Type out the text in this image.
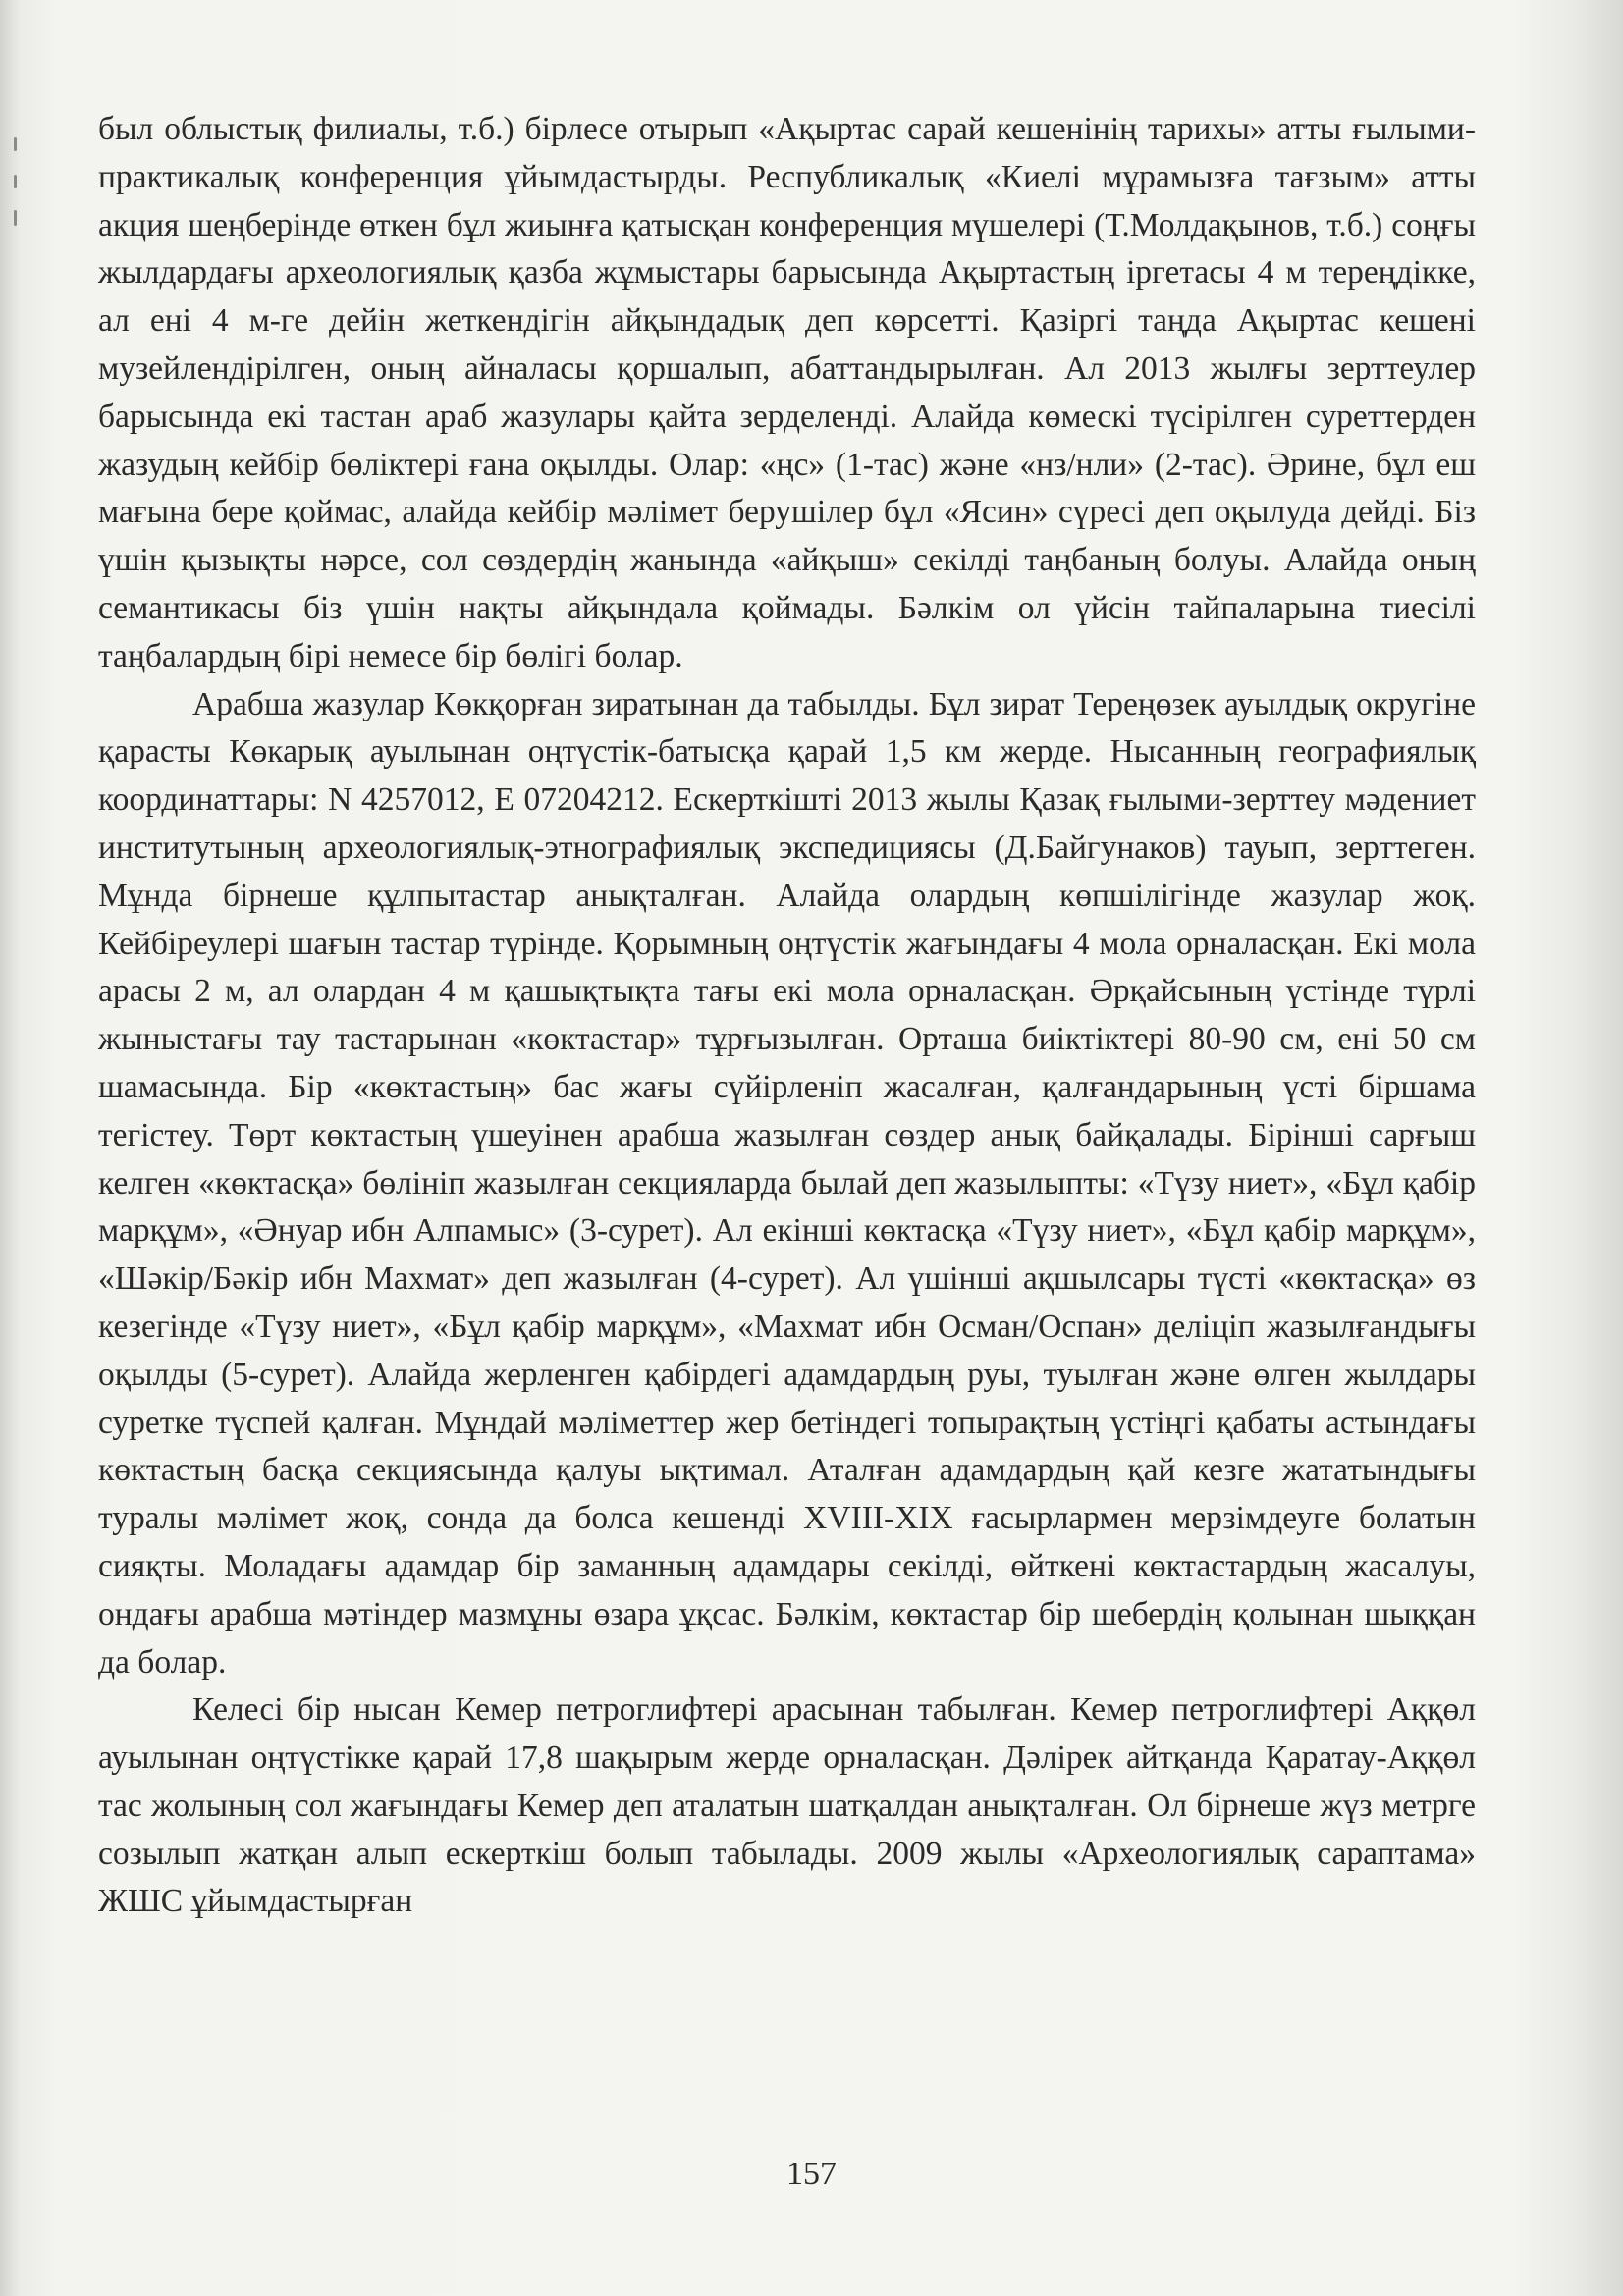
был облыстық филиалы, т.б.) бірлесе отырып «Ақыртас сарай кешенінің тарихы» атты ғылыми-практикалық конференция ұйымдастырды. Республикалық «Киелі мұрамызға тағзым» атты акция шеңберінде өткен бұл жиынға қатысқан конференция мүшелері (Т.Молдақынов, т.б.) соңғы жылдардағы археологиялық қазба жұмыстары барысында Ақыртастың іргетасы 4 м тереңдікке, ал ені 4 м-ге дейін жеткендігін айқындадық деп көрсетті. Қазіргі таңда Ақыртас кешені музейлендірілген, оның айналасы қоршалып, абаттандырылған. Ал 2013 жылғы зерттеулер барысында екі тастан араб жазулары қайта зерделенді. Алайда көмескі түсірілген суреттерден жазудың кейбір бөліктері ғана оқылды. Олар: «ңс» (1-тас) және «нз/нли» (2-тас). Әрине, бұл еш мағына бере қоймас, алайда кейбір мәлімет берушілер бұл «Ясин» сүресі деп оқылуда дейді. Біз үшін қызықты нәрсе, сол сөздердің жанында «айқыш» секілді таңбаның болуы. Алайда оның семантикасы біз үшін нақты айқындала қоймады. Бәлкім ол үйсін тайпаларына тиесілі таңбалардың бірі немесе бір бөлігі болар.

Арабша жазулар Көкқорған зиратынан да табылды. Бұл зират Тереңөзек ауылдық округіне қарасты Көкарық ауылынан оңтүстік-батысқа қарай 1,5 км жерде. Нысанның географиялық координаттары: N 4257012, E 07204212. Ескерткішті 2013 жылы Қазақ ғылыми-зерттеу мәдениет институтының археологиялық-этнографиялық экспедициясы (Д.Байгунаков) тауып, зерттеген. Мұнда бірнеше құлпытастар анықталған. Алайда олардың көпшілігінде жазулар жоқ. Кейбіреулері шағын тастар түрінде. Қорымның оңтүстік жағындағы 4 мола орналасқан. Екі мола арасы 2 м, ал олардан 4 м қашықтықта тағы екі мола орналасқан. Әрқайсының үстінде түрлі жыныстағы тау тастарынан «көктастар» тұрғызылған. Орташа биіктіктері 80-90 см, ені 50 см шамасында. Бір «көктастың» бас жағы сүйірленіп жасалған, қалғандарының үсті біршама тегістеу. Төрт көктастың үшеуінен арабша жазылған сөздер анық байқалады. Бірінші сарғыш келген «көктасқа» бөлініп жазылған секцияларда былай деп жазылыпты: «Түзу ниет», «Бұл қабір марқұм», «Әнуар ибн Алпамыс» (3-сурет). Ал екінші көктасқа «Түзу ниет», «Бұл қабір марқұм», «Шәкір/Бәкір ибн Махмат» деп жазылған (4-сурет). Ал үшінші ақшылсары түсті «көктасқа» өз кезегінде «Түзу ниет», «Бұл қабір марқұм», «Махмат ибн Осман/Оспан» деліціп жазылғандығы оқылды (5-сурет). Алайда жерленген қабірдегі адамдардың руы, туылған және өлген жылдары суретке түспей қалған. Мұндай мәліметтер жер бетіндегі топырақтың үстіңгі қабаты астындағы көктастың басқа секциясында қалуы ықтимал. Аталған адамдардың қай кезге жататындығы туралы мәлімет жоқ, сонда да болса кешенді XVIII-XIX ғасырлармен мерзімдеуге болатын сияқты. Моладағы адамдар бір заманның адамдары секілді, өйткені көктастардың жасалуы, ондағы арабша мәтіндер мазмұны өзара ұқсас. Бәлкім, көктастар бір шебердің қолынан шыққан да болар.

Келесі бір нысан Кемер петроглифтері арасынан табылған. Кемер петроглифтері Аққөл ауылынан оңтүстікке қарай 17,8 шақырым жерде орналасқан. Дәлірек айтқанда Қаратау-Аққөл тас жолының сол жағындағы Кемер деп аталатын шатқалдан анықталған. Ол бірнеше жүз метрге созылып жатқан алып ескерткіш болып табылады. 2009 жылы «Археологиялық сараптама» ЖШС ұйымдастырған

157
